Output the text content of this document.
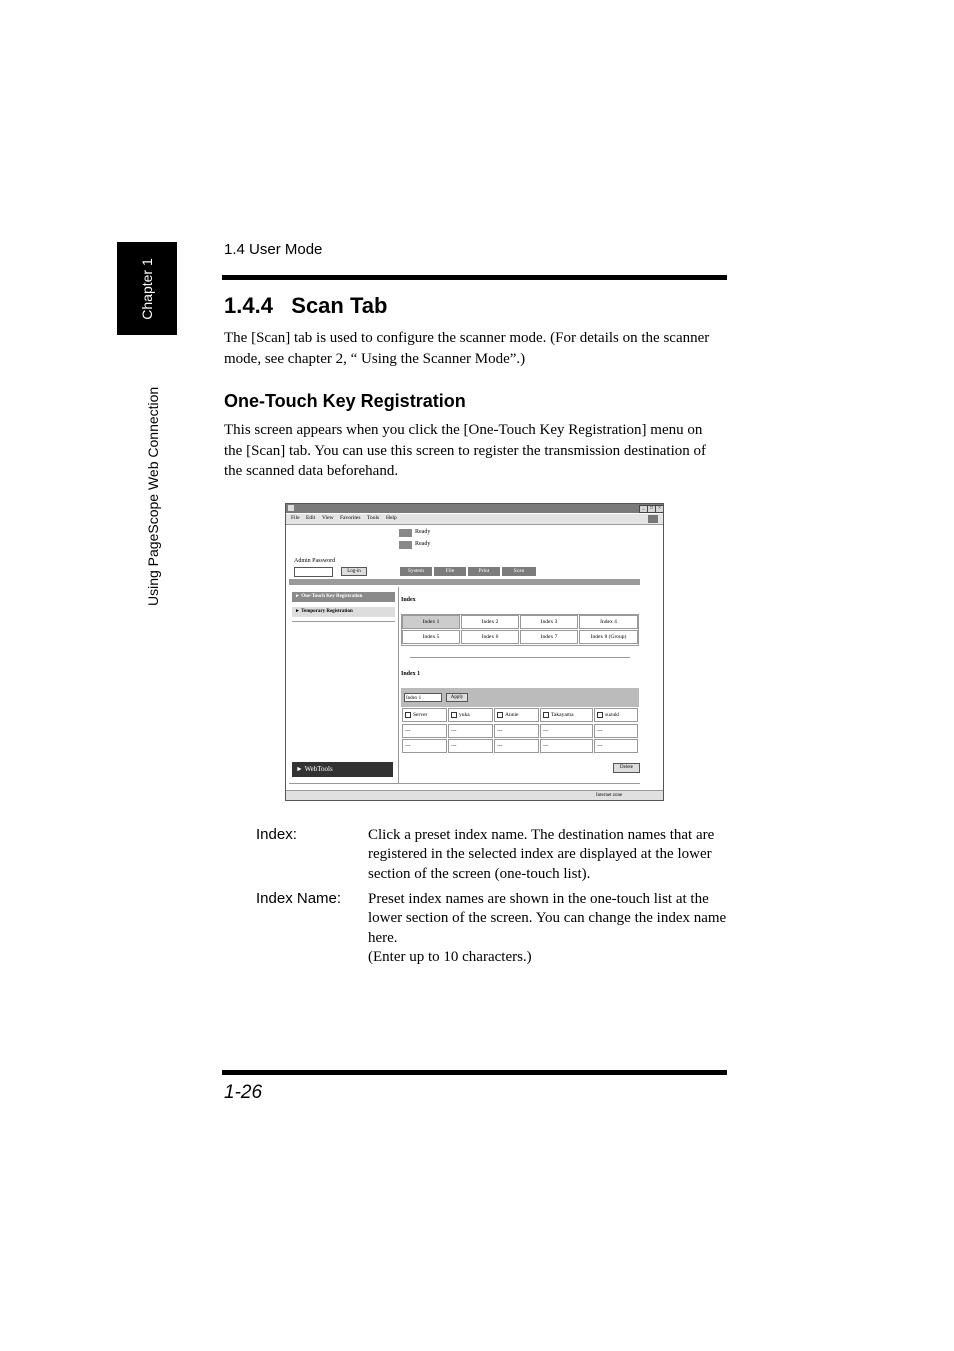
Chapter 1
Using PageScope Web Connection
1.4 User Mode
1.4.4   Scan Tab
The [Scan] tab is used to configure the scanner mode. (For details on the scanner mode, see chapter 2, “ Using the Scanner Mode”.)
One-Touch Key Registration
This screen appears when you click the [One-Touch Key Registration] menu on the [Scan] tab. You can use this screen to register the transmission destination of the scanned data beforehand.
_	□	×
File Edit View Favorites Tools Help
Ready
Ready
Admin Password
Log-in	System	File	Print	Scan
► One-Touch Key Registration
► Temporary Registration
Index
Index 1	Index 2	Index 3	Index 4
Index 5	Index 6	Index 7	Index 8 (Group)
Index 1
Index 1	Apply
Server	yuka	Annie	Takayama	suzuki
---	---	---	---	---
---	---	---	---	---
► WebTools	Delete
Internet zone
Index:	Click a preset index name. The destination names that are registered in the selected index are displayed at the lower section of the screen (one-touch list).
Index Name: Preset index names are shown in the one-touch list at the lower section of the screen. You can change the index name here.
(Enter up to 10 characters.)
1-26
